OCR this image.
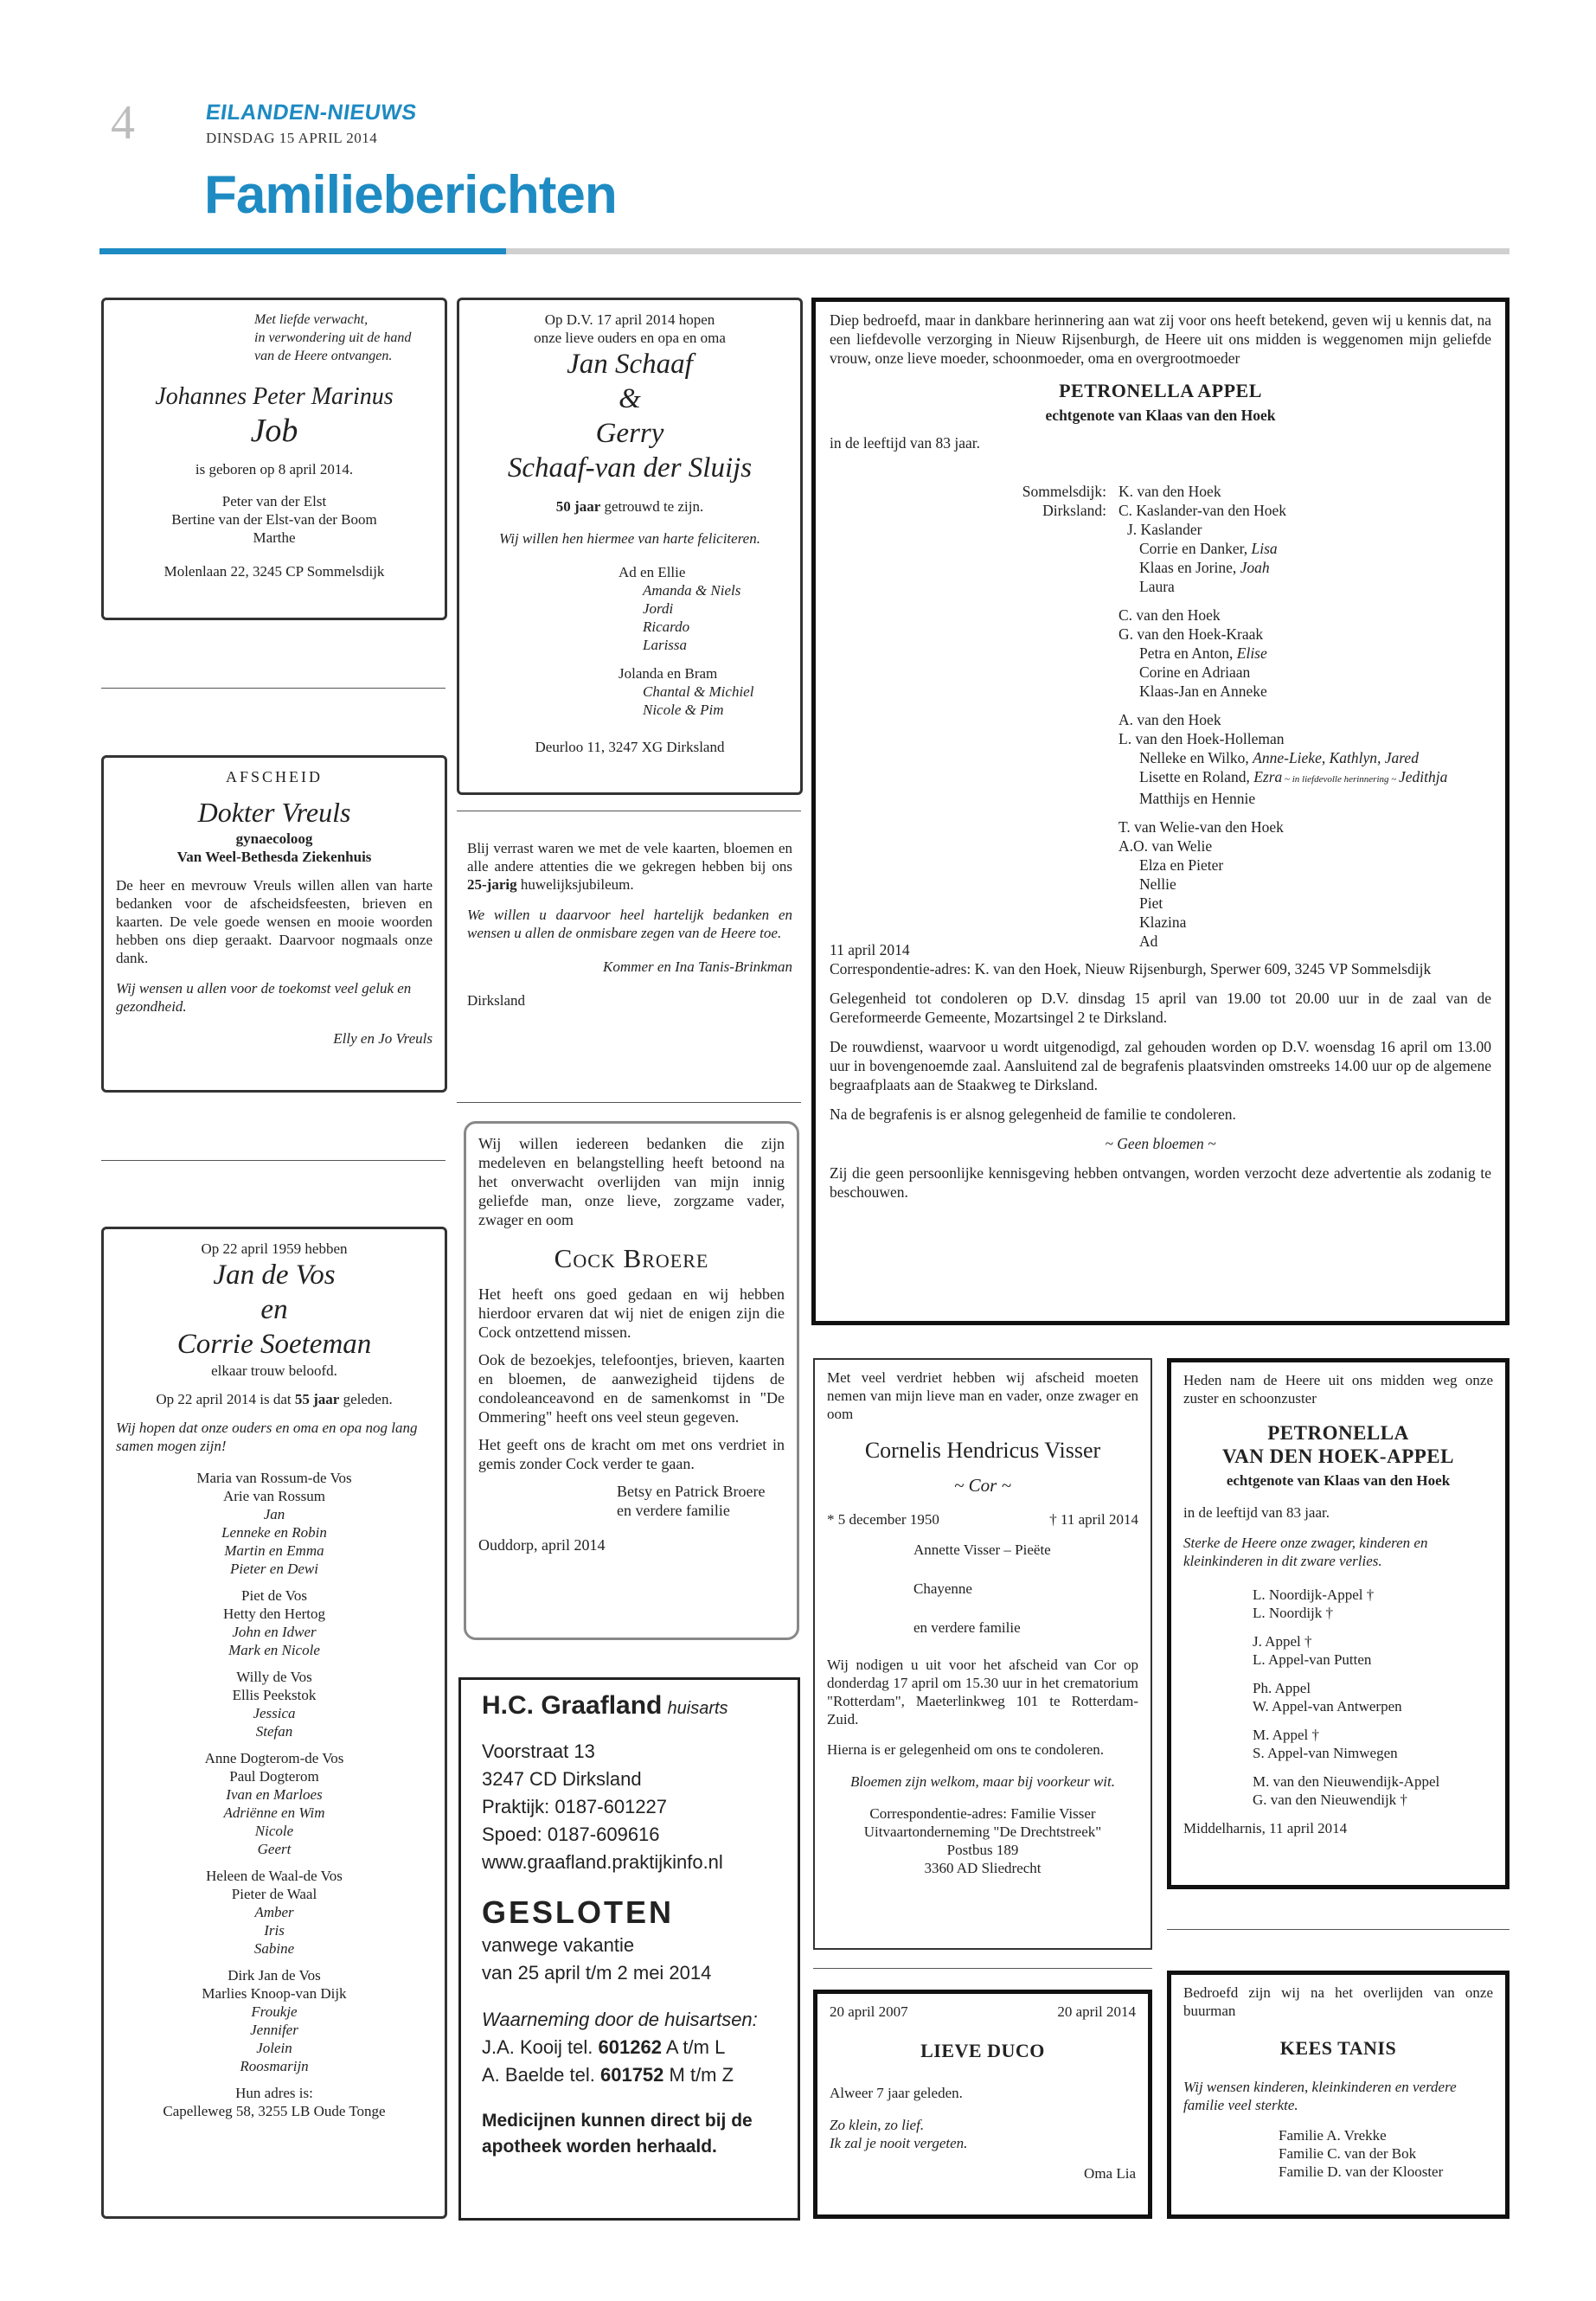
4	EILANDEN-NIEUWS
DINSDAG 15 APRIL 2014
Familieberichten
Met liefde verwacht,
in verwondering uit de hand
van de Heere ontvangen.
Johannes Peter Marinus
Job
is geboren op 8 april 2014.
Peter van der Elst
Bertine van der Elst-van der Boom
Marthe
Molenlaan 22, 3245 CP Sommelsdijk
AFSCHEID
Dokter Vreuls
gynaecoloog
Van Weel-Bethesda Ziekenhuis
De heer en mevrouw Vreuls willen allen van harte bedanken voor de afscheidsfeesten, brieven en kaarten. De vele goede wensen en mooie woorden hebben ons diep geraakt. Daarvoor nogmaals onze dank.
Wij wensen u allen voor de toekomst veel geluk en gezondheid.
Elly en Jo Vreuls
Op 22 april 1959 hebben
Jan de Vos
en
Corrie Soeteman
elkaar trouw beloofd.
Op 22 april 2014 is dat 55 jaar geleden.
Wij hopen dat onze ouders en oma en opa nog lang samen mogen zijn!
Maria van Rossum-de Vos
Arie van Rossum
Jan
Lenneke en Robin
Martin en Emma
Pieter en Dewi
Piet de Vos
Hetty den Hertog
John en Idwer
Mark en Nicole
Willy de Vos
Ellis Peekstok
Jessica
Stefan
Anne Dogterom-de Vos
Paul Dogterom
Ivan en Marloes
Adriënne en Wim
Nicole
Geert
Heleen de Waal-de Vos
Pieter de Waal
Amber
Iris
Sabine
Dirk Jan de Vos
Marlies Knoop-van Dijk
Froukje
Jennifer
Jolein
Roosmarijn
Hun adres is:
Capelleweg 58, 3255 LB Oude Tonge
Op D.V. 17 april 2014 hopen
onze lieve ouders en opa en oma
Jan Schaaf
&
Gerry
Schaaf-van der Sluijs
50 jaar getrouwd te zijn.
Wij willen hen hiermee van harte feliciteren.
Ad en Ellie
Amanda & Niels
Jordi
Ricardo
Larissa
Jolanda en Bram
Chantal & Michiel
Nicole & Pim
Deurloo 11, 3247 XG Dirksland
Blij verrast waren we met de vele kaarten, bloemen en alle andere attenties die we gekregen hebben bij ons 25-jarig huwelijksjubileum.
We willen u daarvoor heel hartelijk bedanken en wensen u allen de onmisbare zegen van de Heere toe.
Kommer en Ina Tanis-Brinkman
Dirksland
Wij willen iedereen bedanken die zijn medeleven en belangstelling heeft betoond na het onverwacht overlijden van mijn innig geliefde man, onze lieve, zorgzame vader, zwager en oom
Cock Broere
Het heeft ons goed gedaan en wij hebben hierdoor ervaren dat wij niet de enigen zijn die Cock ontzettend missen.
Ook de bezoekjes, telefoontjes, brieven, kaarten en bloemen, de aanwezigheid tijdens de condoleanceavond en de samenkomst in "De Ommering" heeft ons veel steun gegeven.
Het geeft ons de kracht om met ons verdriet in gemis zonder Cock verder te gaan.
Betsy en Patrick Broere
en verdere familie
Ouddorp, april 2014
H.C. Graafland huisarts
Voorstraat 13
3247 CD Dirksland
Praktijk: 0187-601227
Spoed: 0187-609616
www.graafland.praktijkinfo.nl
GESLOTEN
vanwege vakantie
van 25 april t/m 2 mei 2014
Waarneming door de huisartsen:
J.A. Kooij tel. 601262 A t/m L
A. Baelde tel. 601752 M t/m Z
Medicijnen kunnen direct bij de apotheek worden herhaald.
Diep bedroefd, maar in dankbare herinnering aan wat zij voor ons heeft betekend, geven wij u kennis dat, na een liefdevolle verzorging in Nieuw Rijsenburgh, de Heere uit ons midden is weggenomen mijn geliefde vrouw, onze lieve moeder, schoonmoeder, oma en overgrootmoeder
PETRONELLA APPEL
echtgenote van Klaas van den Hoek
in de leeftijd van 83 jaar.
Sommelsdijk: K. van den Hoek
Dirksland: C. Kaslander-van den Hoek
J. Kaslander
Corrie en Danker, Lisa
Klaas en Jorine, Joah
Laura
C. van den Hoek
G. van den Hoek-Kraak
Petra en Anton, Elise
Corine en Adriaan
Klaas-Jan en Anneke
A. van den Hoek
L. van den Hoek-Holleman
Nelleke en Wilko, Anne-Lieke, Kathlyn, Jared
Lisette en Roland, Ezra ~ in liefdevolle herinnering ~ Jedithja
Matthijs en Hennie
T. van Welie-van den Hoek
A.O. van Welie
Elza en Pieter
Nellie
Piet
Klazina
Ad
11 april 2014
Correspondentie-adres: K. van den Hoek, Nieuw Rijsenburgh, Sperwer 609, 3245 VP Sommelsdijk
Gelegenheid tot condoleren op D.V. dinsdag 15 april van 19.00 tot 20.00 uur in de zaal van de Gereformeerde Gemeente, Mozartsingel 2 te Dirksland.
De rouwdienst, waarvoor u wordt uitgenodigd, zal gehouden worden op D.V. woensdag 16 april om 13.00 uur in bovengenoemde zaal. Aansluitend zal de begrafenis plaatsvinden omstreeks 14.00 uur op de algemene begraafplaats aan de Staakweg te Dirksland.
Na de begrafenis is er alsnog gelegenheid de familie te condoleren.
~ Geen bloemen ~
Zij die geen persoonlijke kennisgeving hebben ontvangen, worden verzocht deze advertentie als zodanig te beschouwen.
Met veel verdriet hebben wij afscheid moeten nemen van mijn lieve man en vader, onze zwager en oom
Cornelis Hendricus Visser
~ Cor ~
* 5 december 1950	† 11 april 2014
Annette Visser – Pieëte
Chayenne
en verdere familie
Wij nodigen u uit voor het afscheid van Cor op donderdag 17 april om 15.30 uur in het crematorium "Rotterdam", Maeterlinkweg 101 te Rotterdam-Zuid.
Hierna is er gelegenheid om ons te condoleren.
Bloemen zijn welkom, maar bij voorkeur wit.
Correspondentie-adres: Familie Visser
Uitvaartonderneming "De Drechtstreek"
Postbus 189
3360 AD Sliedrecht
Heden nam de Heere uit ons midden weg onze zuster en schoonzuster
PETRONELLA
VAN DEN HOEK-APPEL
echtgenote van Klaas van den Hoek
in de leeftijd van 83 jaar.
Sterke de Heere onze zwager, kinderen en kleinkinderen in dit zware verlies.
L. Noordijk-Appel †
L. Noordijk †
J. Appel †
L. Appel-van Putten
Ph. Appel
W. Appel-van Antwerpen
M. Appel †
S. Appel-van Nimwegen
M. van den Nieuwendijk-Appel
G. van den Nieuwendijk †
Middelharnis, 11 april 2014
20 april 2007	20 april 2014
LIEVE DUCO
Alweer 7 jaar geleden.
Zo klein, zo lief.
Ik zal je nooit vergeten.
Oma Lia
Bedroefd zijn wij na het overlijden van onze buurman
KEES TANIS
Wij wensen kinderen, kleinkinderen en verdere familie veel sterkte.
Familie A. Vrekke
Familie C. van der Bok
Familie D. van der Klooster
